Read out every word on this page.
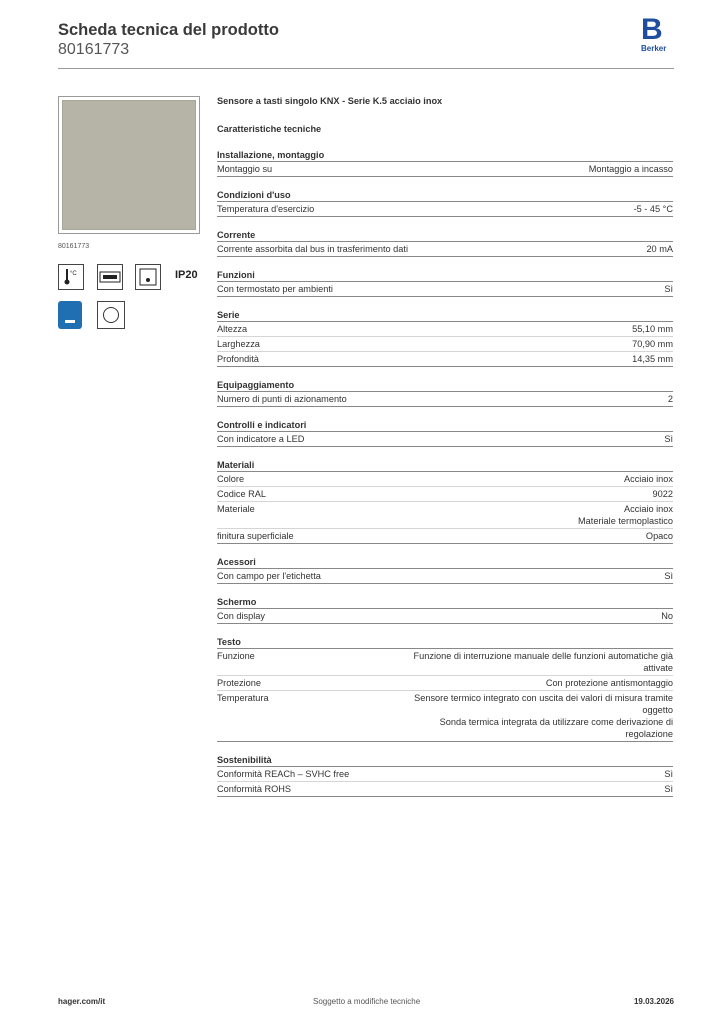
Scheda tecnica del prodotto
80161773
B
Berker
80161773
°C	IP20
Sensore a tasti singolo KNX - Serie K.5 acciaio inox
Caratteristiche tecniche
Installazione, montaggio
Montaggio su	Montaggio a incasso
Condizioni d'uso
Temperatura d'esercizio	-5 - 45 °C
Corrente
Corrente assorbita dal bus in trasferimento dati	20 mA
Funzioni
Con termostato per ambienti	Sì
Serie
Altezza	55,10 mm
Larghezza	70,90 mm
Profondità	14,35 mm
Equipaggiamento
Numero di punti di azionamento	2
Controlli e indicatori
Con indicatore a LED	Sì
Materiali
Colore	Acciaio inox
Codice RAL	9022
Materiale	Acciaio inox
Materiale termoplastico
finitura superficiale	Opaco
Acessori
Con campo per l'etichetta	Sì
Schermo
Con display	No
Testo
Funzione	Funzione di interruzione manuale delle funzioni automatiche già attivate
Protezione	Con protezione antismontaggio
Temperatura	Sensore termico integrato con uscita dei valori di misura tramite oggetto
Sonda termica integrata da utilizzare come derivazione di regolazione
Sostenibilità
Conformità REACh – SVHC free	Sì
Conformità ROHS	Sì
hager.com/it	Soggetto a modifiche tecniche	19.03.2026
